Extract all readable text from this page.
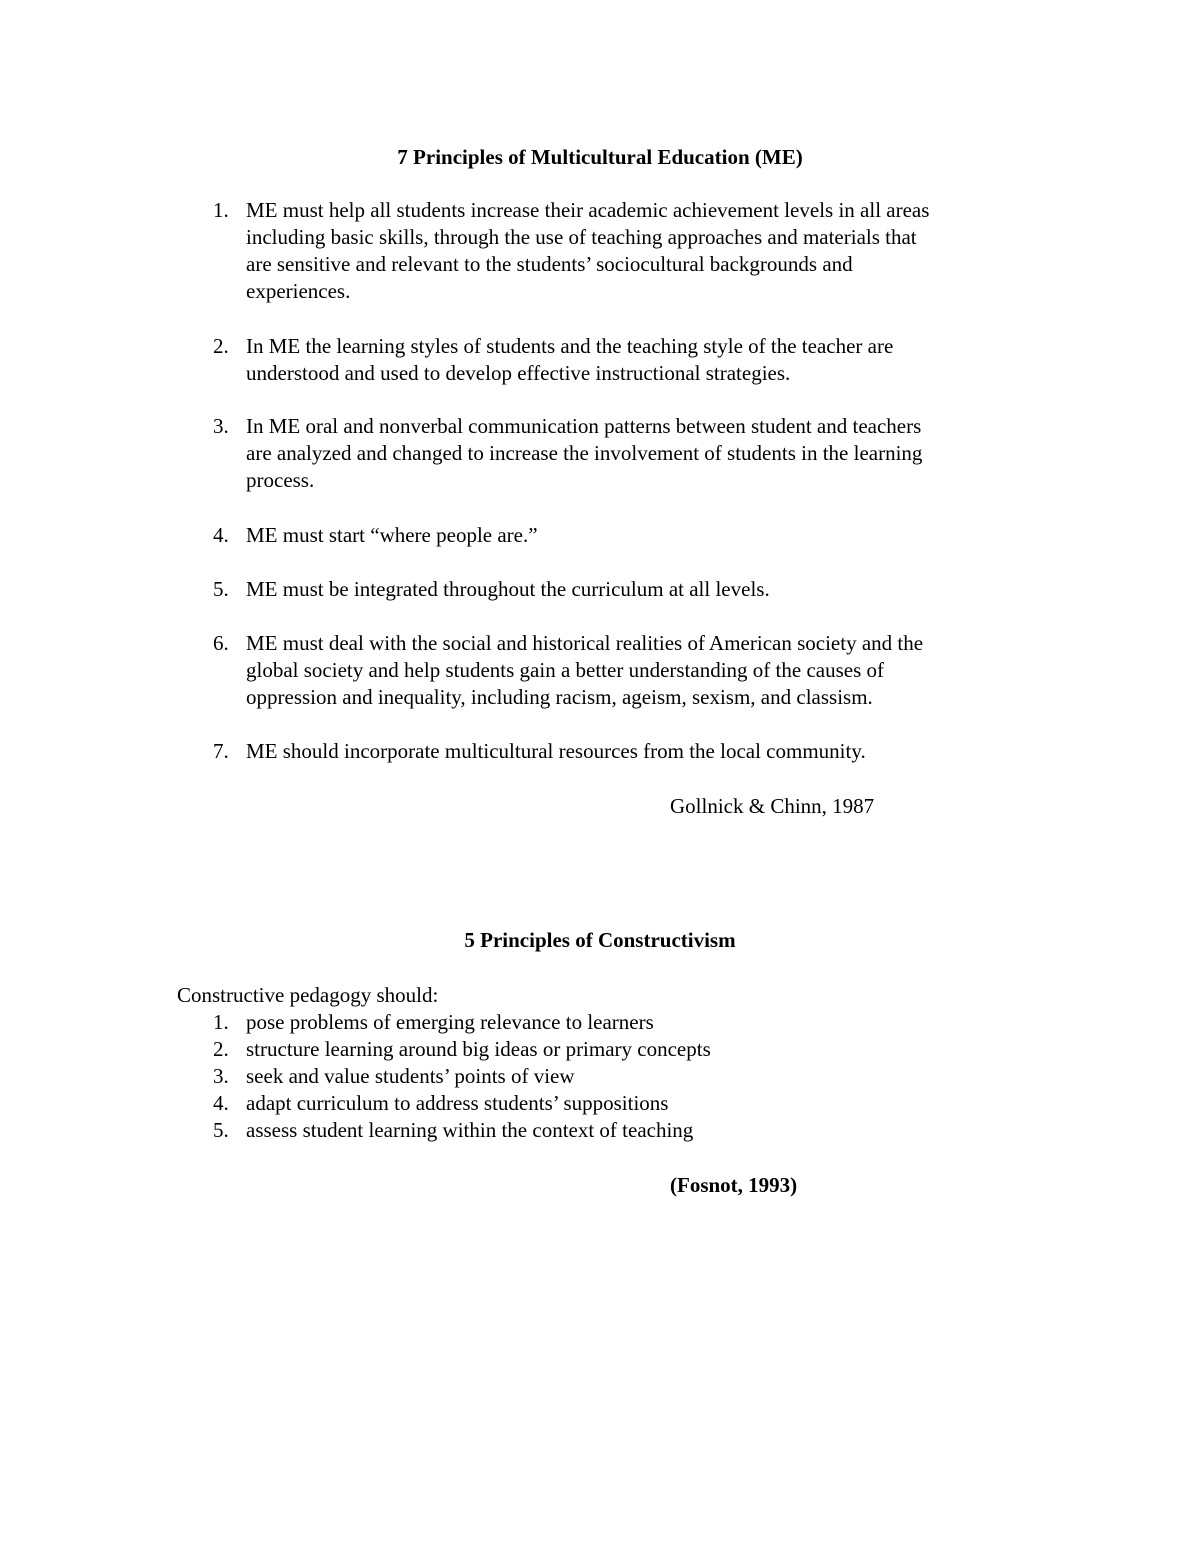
7 Principles of Multicultural Education (ME)
1. ME must help all students increase their academic achievement levels in all areas
including basic skills, through the use of teaching approaches and materials that
are sensitive and relevant to the students’ sociocultural backgrounds and
experiences.
2. In ME the learning styles of students and the teaching style of the teacher are
understood and used to develop effective instructional strategies.
3. In ME oral and nonverbal communication patterns between student and teachers
are analyzed and changed to increase the involvement of students in the learning
process.
4. ME must start “where people are.”
5. ME must be integrated throughout the curriculum at all levels.
6. ME must deal with the social and historical realities of American society and the
global society and help students gain a better understanding of the causes of
oppression and inequality, including racism, ageism, sexism, and classism.
7. ME should incorporate multicultural resources from the local community.
Gollnick & Chinn, 1987
5 Principles of Constructivism
Constructive pedagogy should:
1. pose problems of emerging relevance to learners
2. structure learning around big ideas or primary concepts
3. seek and value students’ points of view
4. adapt curriculum to address students’ suppositions
5. assess student learning within the context of teaching
(Fosnot, 1993)
